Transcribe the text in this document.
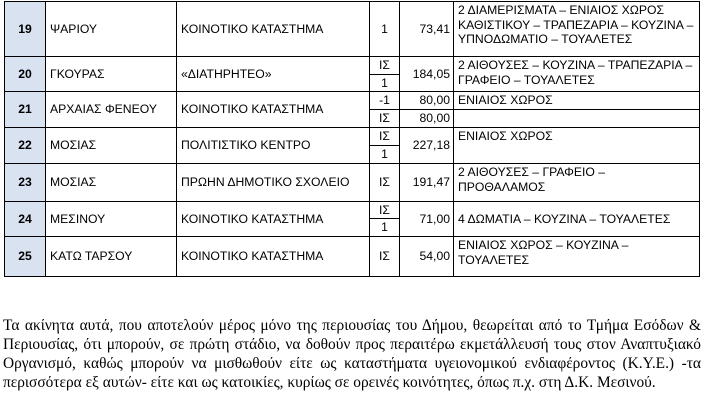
19	ΨΑΡΙΟΥ	ΚΟΙΝΟΤΙΚΟ ΚΑΤΑΣΤΗΜΑ	1	73,41	2 ΔΙΑΜΕΡΙΣΜΑΤΑ – ΕΝΙΑΙΟΣ ΧΩΡΟΣ ΚΑΘΙΣΤΙΚΟΥ – ΤΡΑΠΕΖΑΡΙΑ – ΚΟΥΖΙΝΑ – ΥΠΝΟΔΩΜΑΤΙΟ – ΤΟΥΑΛΕΤΕΣ
20	ΓΚΟΥΡΑΣ	«ΔΙΑΤΗΡΗΤΕΟ»	ΙΣ	184,05	2 ΑΙΘΟΥΣΕΣ – ΚΟΥΖΙΝΑ – ΤΡΑΠΕΖΑΡΙΑ – ΓΡΑΦΕΙΟ – ΤΟΥΑΛΕΤΕΣ
			1		
21	ΑΡΧΑΙΑΣ ΦΕΝΕΟΥ	ΚΟΙΝΟΤΙΚΟ ΚΑΤΑΣΤΗΜΑ	-1	80,00	ΕΝΙΑΙΟΣ ΧΩΡΟΣ
			ΙΣ	80,00	
22	ΜΟΣΙΑΣ	ΠΟΛΙΤΙΣΤΙΚΟ ΚΕΝΤΡΟ	ΙΣ	227,18	ΕΝΙΑΙΟΣ ΧΩΡΟΣ
			1		
23	ΜΟΣΙΑΣ	ΠΡΩΗΝ ΔΗΜΟΤΙΚΟ ΣΧΟΛΕΙΟ	ΙΣ	191,47	2 ΑΙΘΟΥΣΕΣ – ΓΡΑΦΕΙΟ – ΠΡΟΘΑΛΑΜΟΣ
24	ΜΕΣΙΝΟΥ	ΚΟΙΝΟΤΙΚΟ ΚΑΤΑΣΤΗΜΑ	ΙΣ	71,00	4 ΔΩΜΑΤΙΑ – ΚΟΥΖΙΝΑ – ΤΟΥΑΛΕΤΕΣ
			1		
25	ΚΑΤΩ ΤΑΡΣΟΥ	ΚΟΙΝΟΤΙΚΟ ΚΑΤΑΣΤΗΜΑ	ΙΣ	54,00	ΕΝΙΑΙΟΣ ΧΩΡΟΣ – ΚΟΥΖΙΝΑ – ΤΟΥΑΛΕΤΕΣ

Τα ακίνητα αυτά, που αποτελούν μέρος μόνο της περιουσίας του Δήμου, θεωρείται από το Τμήμα Εσόδων & Περιουσίας, ότι μπορούν, σε πρώτη στάδιο, να δοθούν προς περαιτέρω εκμετάλλευσή τους στον Αναπτυξιακό Οργανισμό, καθώς μπορούν να μισθωθούν είτε ως καταστήματα υγειονομικού ενδιαφέροντος (Κ.Υ.Ε.) -τα περισσότερα εξ αυτών- είτε και ως κατοικίες, κυρίως σε ορεινές κοινότητες, όπως π.χ. στη Δ.Κ. Μεσινού.
